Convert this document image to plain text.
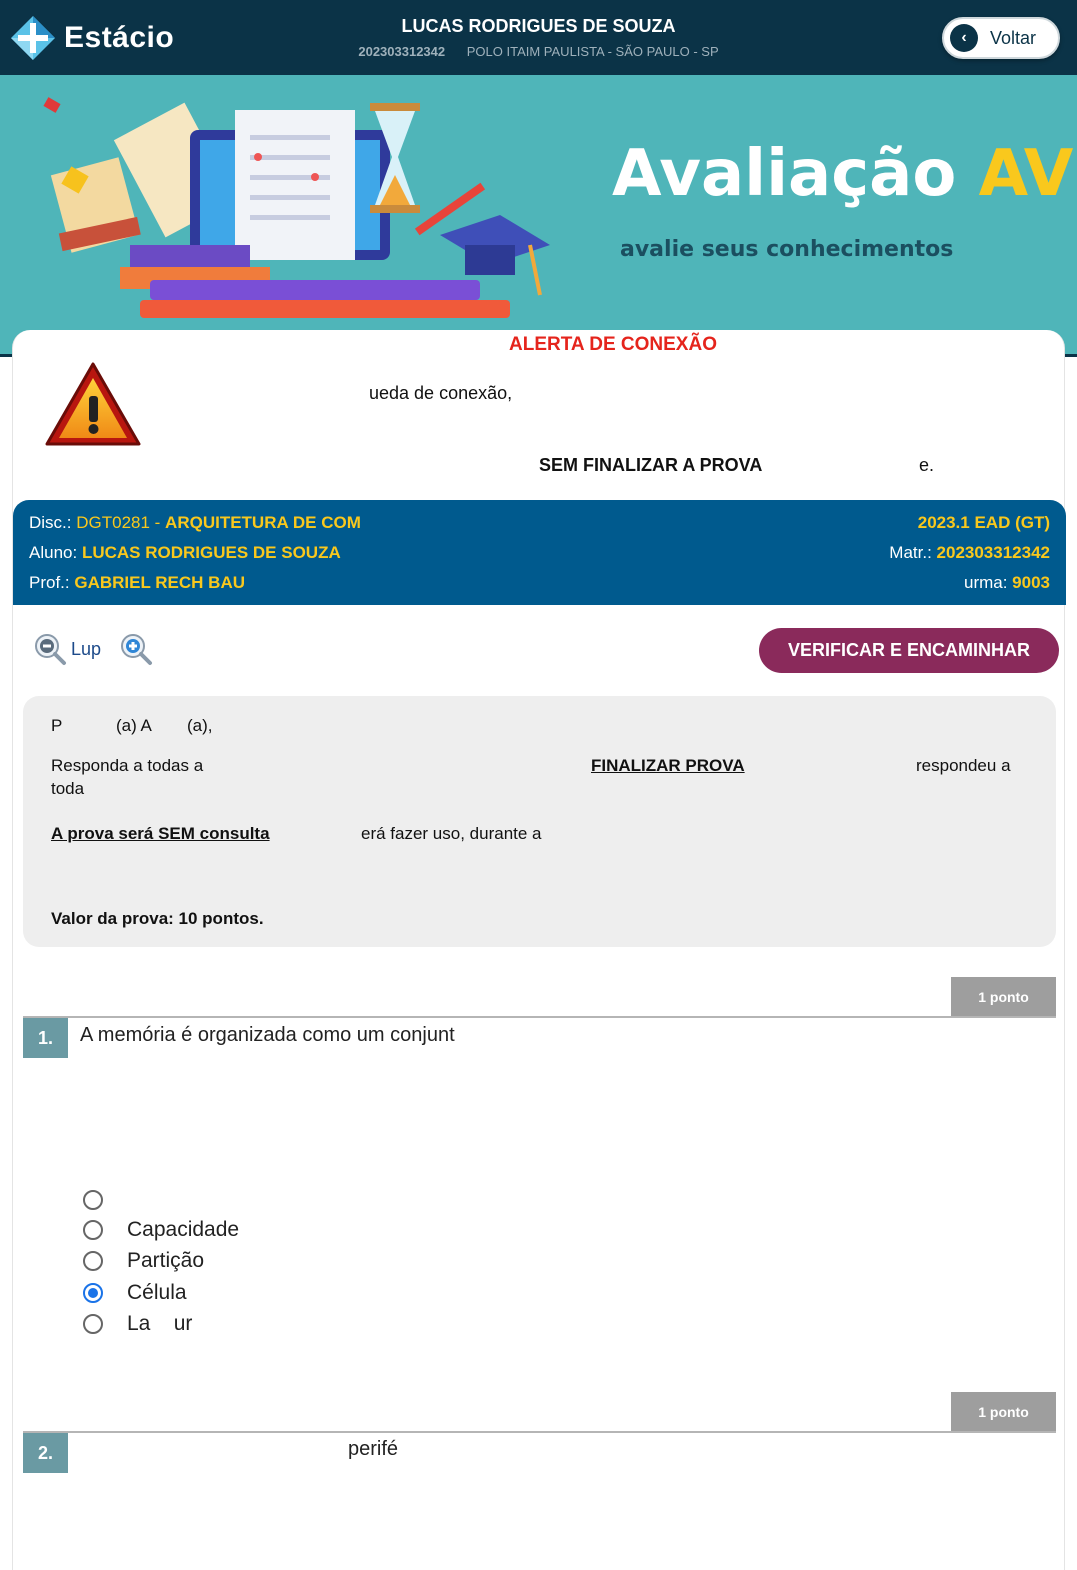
Estácio	LUCAS RODRIGUES DE SOUZA
202303312342 POLO ITAIM PAULISTA - SÃO PAULO - SP
‹	Voltar
Avaliação AV
avalie seus conhecimentos
ALERTA DE CONEXÃO
ueda de conexão,
SEM FINALIZAR A PROVA	e.
Disc.: DGT0281 - ARQUITETURA DE COM	2023.1 EAD (GT)
Aluno: LUCAS RODRIGUES DE SOUZA	Matr.: 202303312342
Prof.: GABRIEL RECH BAU	urma: 9003
Lup	VERIFICAR E ENCAMINHAR
P	(a) A (a),
Responda a todas a
toda
FINALIZAR PROVA	respondeu a
A prova será SEM consulta	erá fazer uso, durante a
Valor da prova: 10 pontos.
1 ponto
1.	A memória é organizada como um conjunt
Capacidade
Partição
Célula
La    ur
1 ponto
2.	perifé
